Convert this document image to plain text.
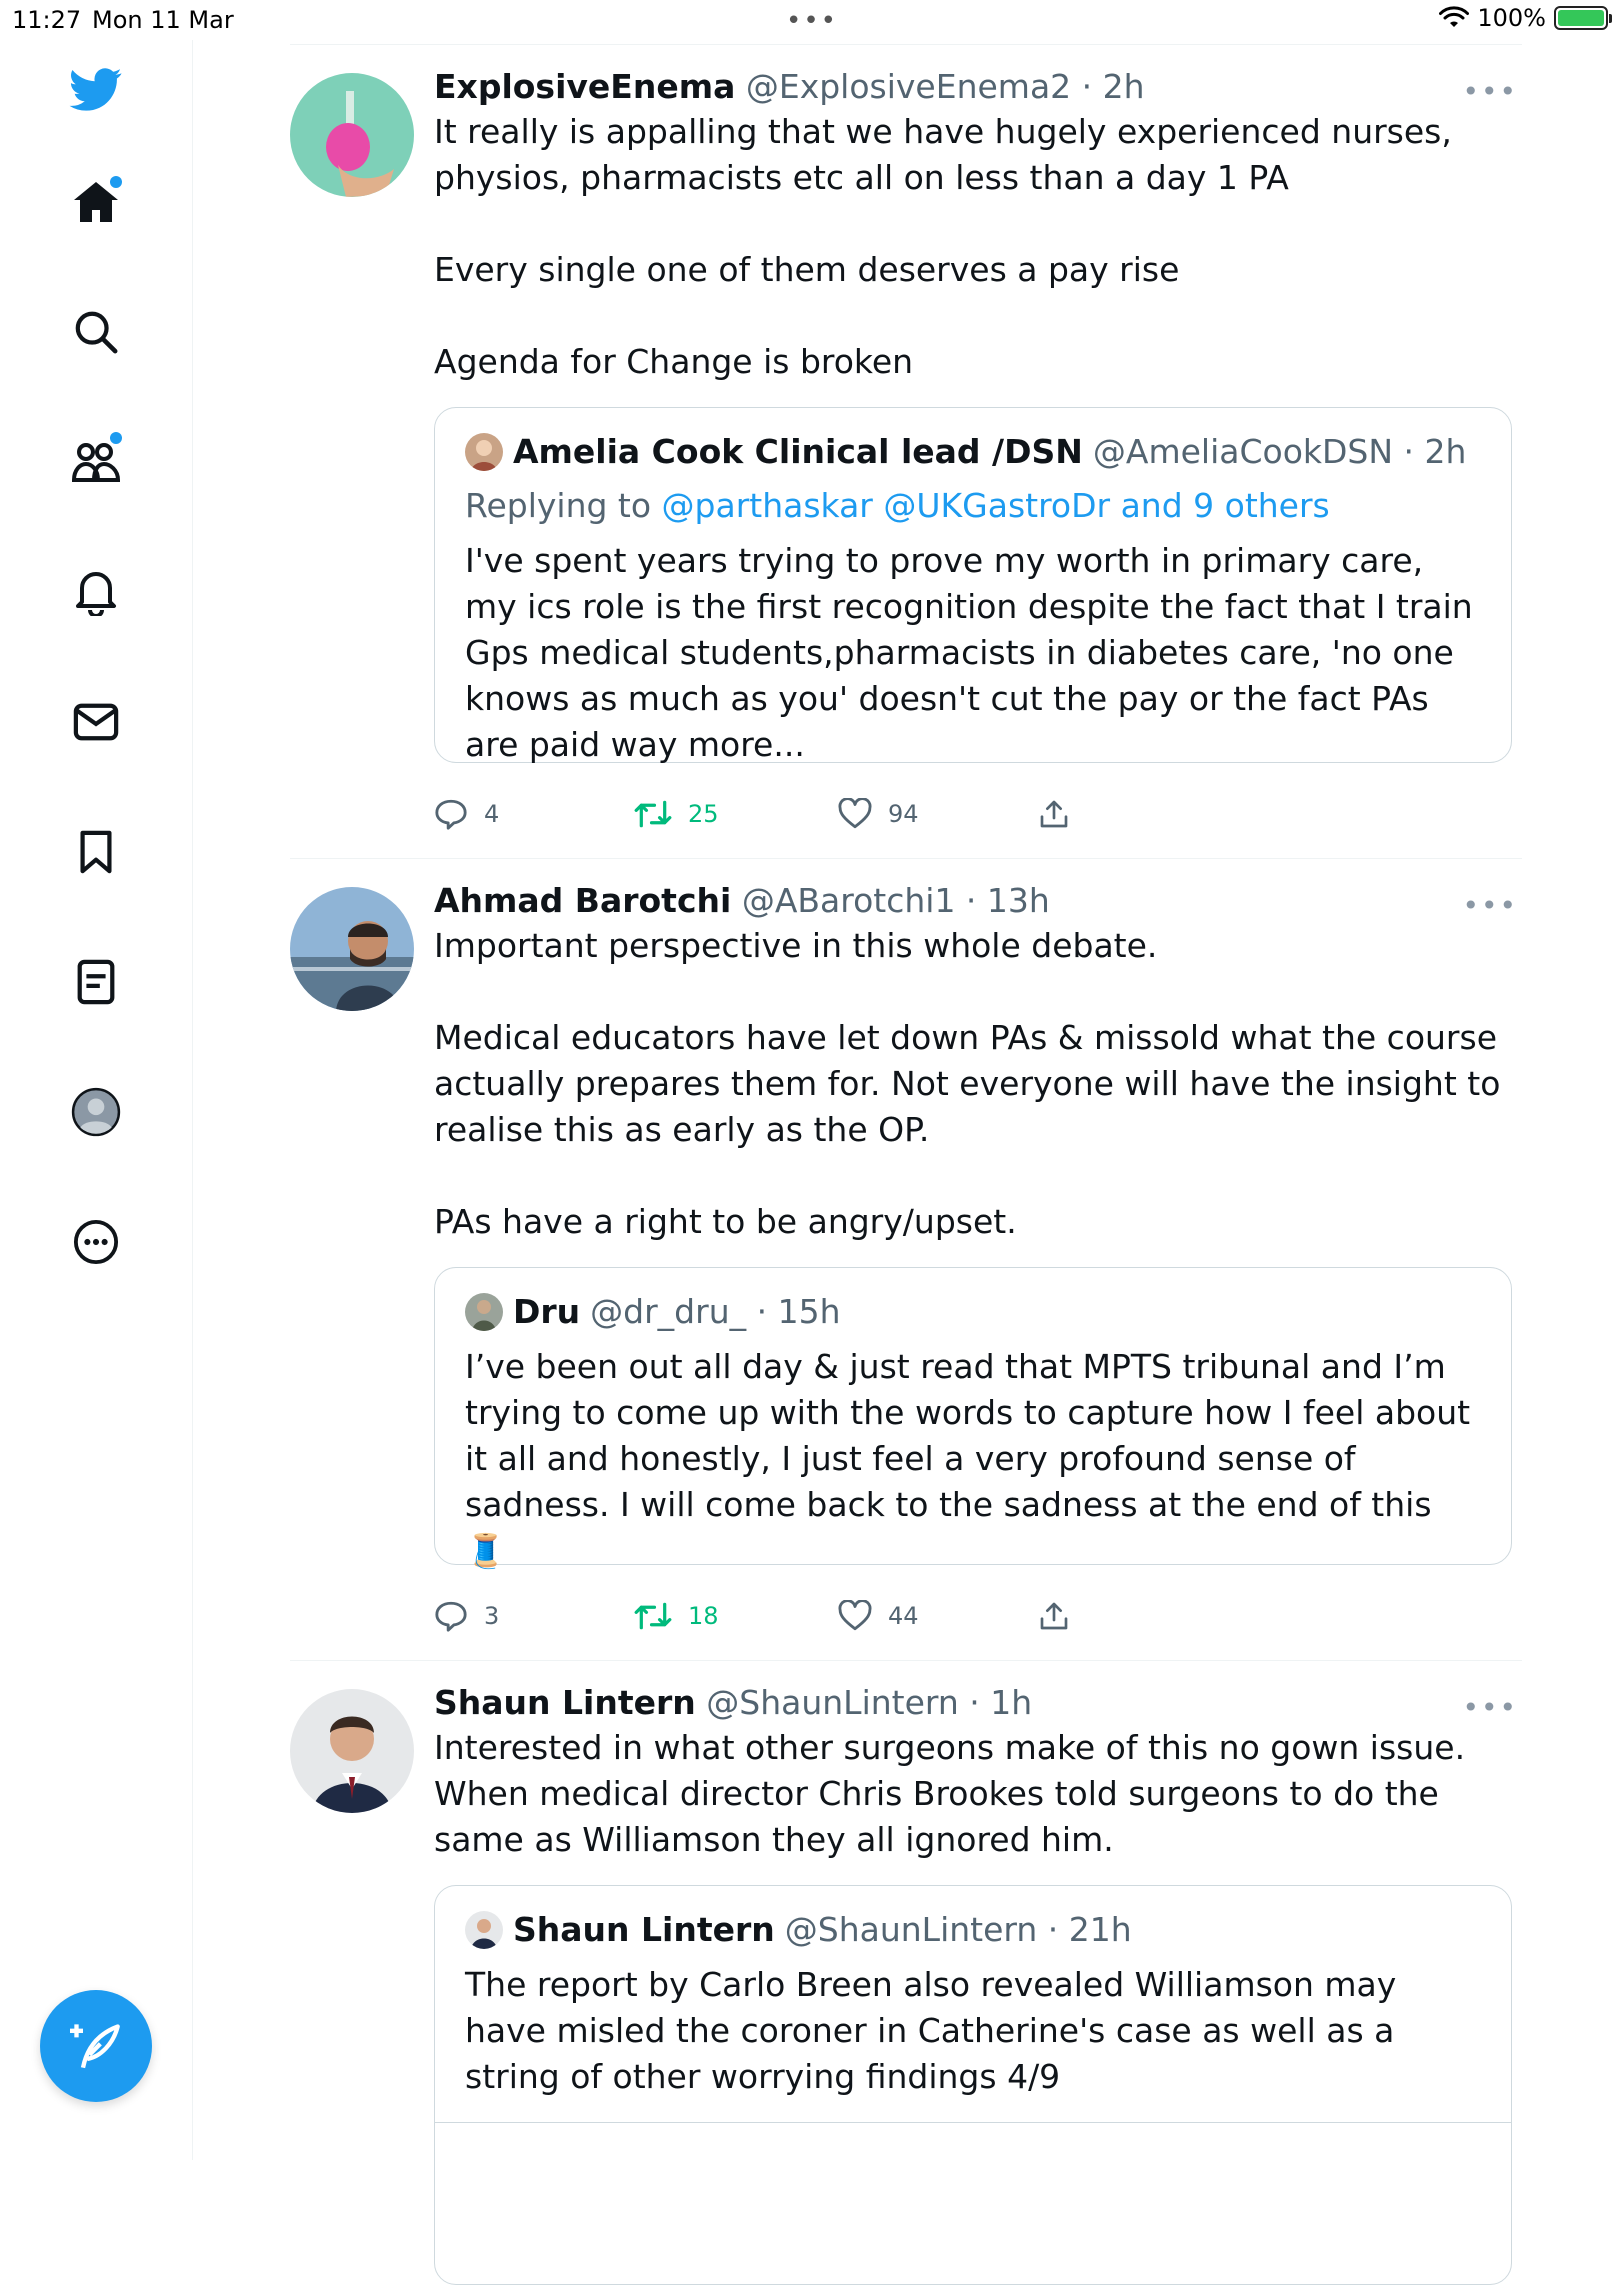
11:27 Mon 11 Mar	•••	100%
ExplosiveEnema @ExplosiveEnema2 · 2h	•••
It really is appalling that we have hugely experienced nurses, physios, pharmacists etc all on less than a day 1 PA

Every single one of them deserves a pay rise

Agenda for Change is broken
Amelia Cook Clinical lead /DSN @AmeliaCookDSN · 2h
Replying to @parthaskar @UKGastroDr and 9 others
I've spent years trying to prove my worth in primary care, my ics role is the first recognition despite the fact that I train Gps medical students,pharmacists in diabetes care, 'no one knows as much as you' doesn't cut the pay or the fact PAs are paid way more...
4	25	94
Ahmad Barotchi @ABarotchi1 · 13h	•••
Important perspective in this whole debate.

Medical educators have let down PAs & missold what the course actually prepares them for. Not everyone will have the insight to realise this as early as the OP.

PAs have a right to be angry/upset.
Dru @dr_dru_ · 15h
I’ve been out all day & just read that MPTS tribunal and I’m trying to come up with the words to capture how I feel about it all and honestly, I just feel a very profound sense of sadness. I will come back to the sadness at the end of this 🧵
3	18	44
Shaun Lintern @ShaunLintern · 1h	•••
Interested in what other surgeons make of this no gown issue. When medical director Chris Brookes told surgeons to do the same as Williamson they all ignored him.
Shaun Lintern @ShaunLintern · 21h
The report by Carlo Breen also revealed Williamson may have misled the coroner in Catherine's case as well as a string of other worrying findings 4/9
